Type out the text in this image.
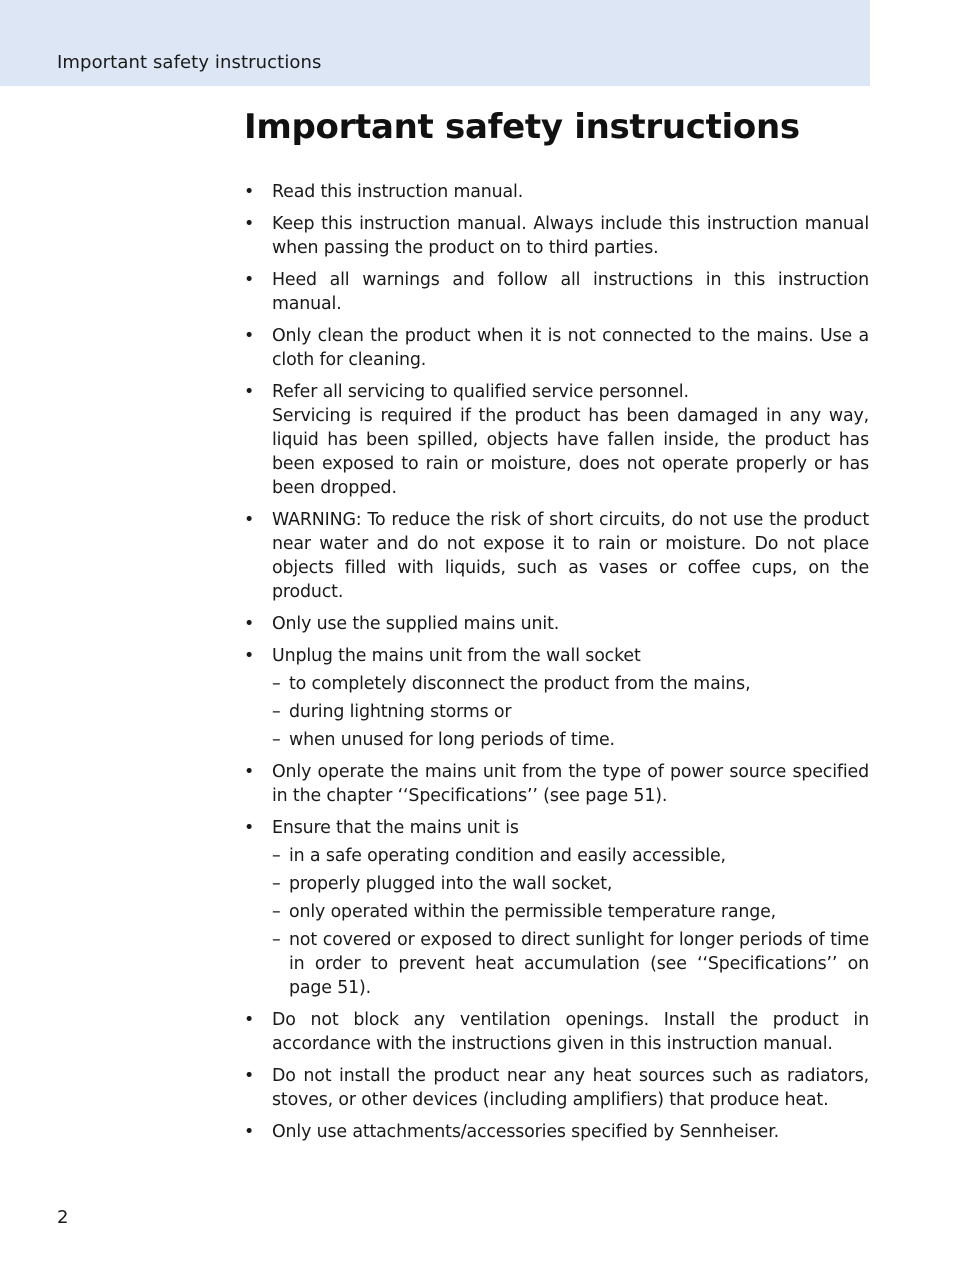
Important safety instructions
Important safety instructions
• Read this instruction manual.
• Keep this instruction manual. Always include this instruction manual when passing the product on to third parties.
• Heed all warnings and follow all instructions in this instruction manual.
• Only clean the product when it is not connected to the mains. Use a cloth for cleaning.
• Refer all servicing to qualified service personnel.
Servicing is required if the product has been damaged in any way, liquid has been spilled, objects have fallen inside, the product has been exposed to rain or moisture, does not operate properly or has been dropped.
• WARNING: To reduce the risk of short circuits, do not use the product near water and do not expose it to rain or moisture. Do not place objects filled with liquids, such as vases or coffee cups, on the product.
• Only use the supplied mains unit.
• Unplug the mains unit from the wall socket
– to completely disconnect the product from the mains,
– during lightning storms or
– when unused for long periods of time.
• Only operate the mains unit from the type of power source specified in the chapter ‘‘Specifications’’ (see page 51).
• Ensure that the mains unit is
– in a safe operating condition and easily accessible,
– properly plugged into the wall socket,
– only operated within the permissible temperature range,
– not covered or exposed to direct sunlight for longer periods of time in order to prevent heat accumulation (see ‘‘Specifications’’ on page 51).
• Do not block any ventilation openings. Install the product in accordance with the instructions given in this instruction manual.
• Do not install the product near any heat sources such as radiators, stoves, or other devices (including amplifiers) that produce heat.
• Only use attachments/accessories specified by Sennheiser.
2
